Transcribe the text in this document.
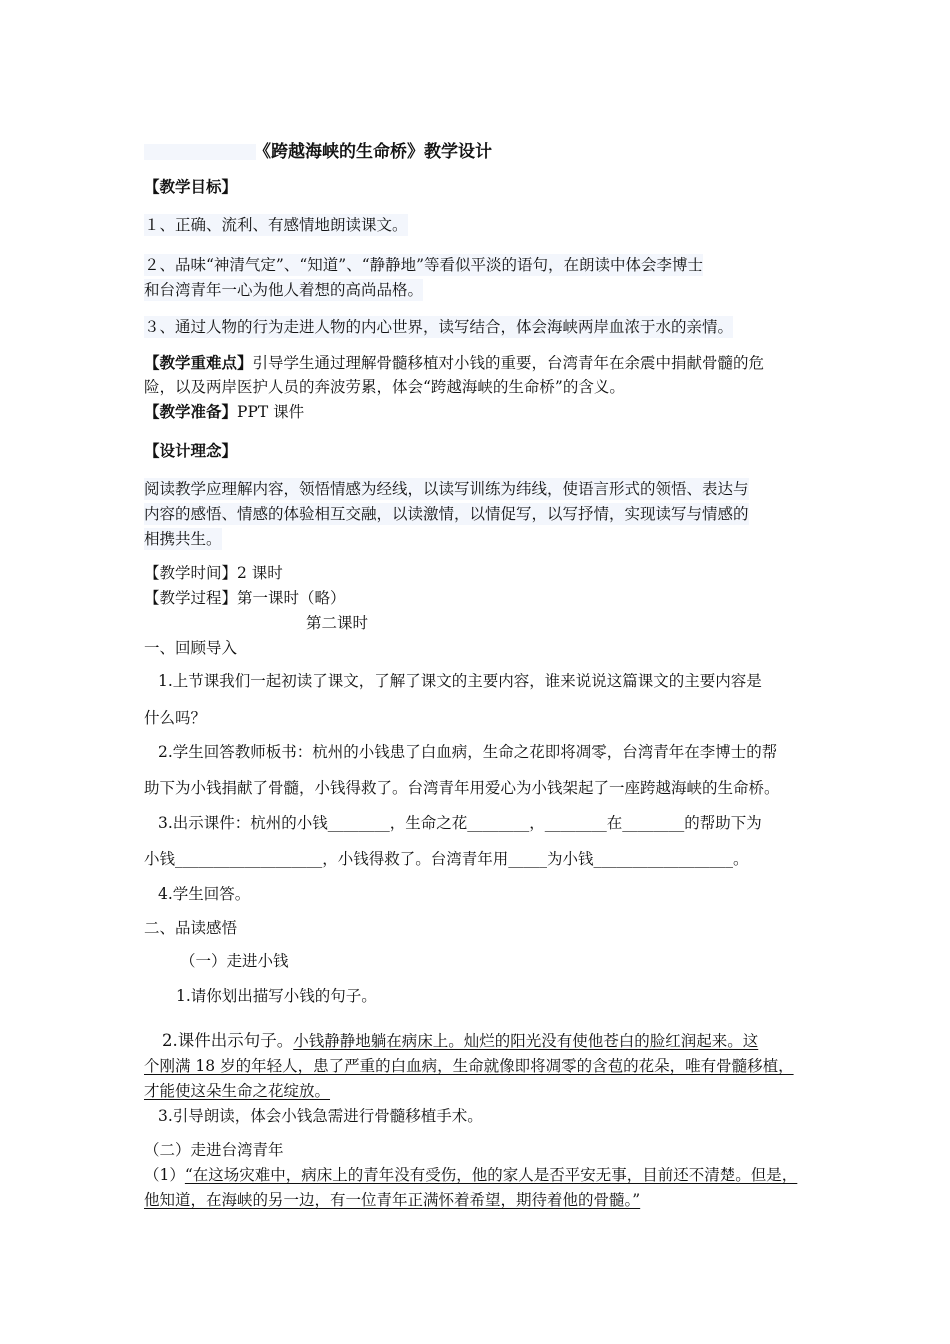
《跨越海峡的生命桥》教学设计
【教学目标】
１、正确、流利、有感情地朗读课文。
２、品味“神清气定”、“知道”、“静静地”等看似平淡的语句，在朗读中体会李博士
和台湾青年一心为他人着想的高尚品格。
３、通过人物的行为走进人物的内心世界，读写结合，体会海峡两岸血浓于水的亲情。
【教学重难点】引导学生通过理解骨髓移植对小钱的重要，台湾青年在余震中捐献骨髓的危
险，以及两岸医护人员的奔波劳累，体会“跨越海峡的生命桥”的含义。
【教学准备】PPT 课件
【设计理念】
阅读教学应理解内容，领悟情感为经线，以读写训练为纬线，使语言形式的领悟、表达与
内容的感悟、情感的体验相互交融，以读激情，以情促写，以写抒情，实现读写与情感的
相携共生。
【教学时间】2 课时
【教学过程】第一课时（略）
第二课时
一、回顾导入
1.上节课我们一起初读了课文，了解了课文的主要内容，谁来说说这篇课文的主要内容是
什么吗？
2.学生回答教师板书：杭州的小钱患了白血病，生命之花即将凋零，台湾青年在李博士的帮
助下为小钱捐献了骨髓，小钱得救了。台湾青年用爱心为小钱架起了一座跨越海峡的生命桥。
3.出示课件：杭州的小钱________，生命之花________，________在________的帮助下为
小钱___________________，小钱得救了。台湾青年用_____为小钱__________________。
4.学生回答。
二、品读感悟
（一）走进小钱
1.请你划出描写小钱的句子。
2.课件出示句子。小钱静静地躺在病床上。灿烂的阳光没有使他苍白的脸红润起来。这
个刚满 18 岁的年轻人，患了严重的白血病，生命就像即将凋零的含苞的花朵，唯有骨髓移植，
才能使这朵生命之花绽放。
3.引导朗读，体会小钱急需进行骨髓移植手术。
（二）走进台湾青年
（1）“在这场灾难中，病床上的青年没有受伤，他的家人是否平安无事，目前还不清楚。但是，
他知道，在海峡的另一边，有一位青年正满怀着希望，期待着他的骨髓。”
